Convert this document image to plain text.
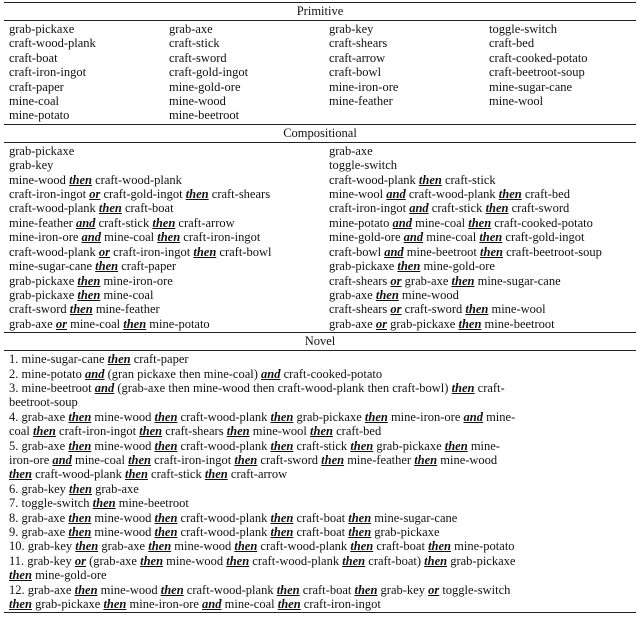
Primitive
grab-pickaxe
craft-wood-plank
craft-boat
craft-iron-ingot
craft-paper
mine-coal
mine-potato
grab-axe
craft-stick
craft-sword
craft-gold-ingot
mine-gold-ore
mine-wood
mine-beetroot
grab-key
craft-shears
craft-arrow
craft-bowl
mine-iron-ore
mine-feather
toggle-switch
craft-bed
craft-cooked-potato
craft-beetroot-soup
mine-sugar-cane
mine-wool
Compositional
grab-pickaxe
grab-key
mine-wood then craft-wood-plank
craft-iron-ingot or craft-gold-ingot then craft-shears
craft-wood-plank then craft-boat
mine-feather and craft-stick then craft-arrow
mine-iron-ore and mine-coal then craft-iron-ingot
craft-wood-plank or craft-iron-ingot then craft-bowl
mine-sugar-cane then craft-paper
grab-pickaxe then mine-iron-ore
grab-pickaxe then mine-coal
craft-sword then mine-feather
grab-axe or mine-coal then mine-potato
grab-axe
toggle-switch
craft-wood-plank then craft-stick
mine-wool and craft-wood-plank then craft-bed
craft-iron-ingot and craft-stick then craft-sword
mine-potato and mine-coal then craft-cooked-potato
mine-gold-ore and mine-coal then craft-gold-ingot
craft-bowl and mine-beetroot then craft-beetroot-soup
grab-pickaxe then mine-gold-ore
craft-shears or grab-axe then mine-sugar-cane
grab-axe then mine-wood
craft-shears or craft-sword then mine-wool
grab-axe or grab-pickaxe then mine-beetroot
Novel
1. mine-sugar-cane then craft-paper
2. mine-potato and (gran pickaxe then mine-coal) and craft-cooked-potato
3. mine-beetroot and (grab-axe then mine-wood then craft-wood-plank then craft-bowl) then craft-
beetroot-soup
4. grab-axe then mine-wood then craft-wood-plank then grab-pickaxe then mine-iron-ore and mine-
coal then craft-iron-ingot then craft-shears then mine-wool then craft-bed
5. grab-axe then mine-wood then craft-wood-plank then craft-stick then grab-pickaxe then mine-
iron-ore and mine-coal then craft-iron-ingot then craft-sword then mine-feather then mine-wood
then craft-wood-plank then craft-stick then craft-arrow
6. grab-key then grab-axe
7. toggle-switch then mine-beetroot
8. grab-axe then mine-wood then craft-wood-plank then craft-boat then mine-sugar-cane
9. grab-axe then mine-wood then craft-wood-plank then craft-boat then grab-pickaxe
10. grab-key then grab-axe then mine-wood then craft-wood-plank then craft-boat then mine-potato
11. grab-key or (grab-axe then mine-wood then craft-wood-plank then craft-boat) then grab-pickaxe
then mine-gold-ore
12. grab-axe then mine-wood then craft-wood-plank then craft-boat then grab-key or toggle-switch
then grab-pickaxe then mine-iron-ore and mine-coal then craft-iron-ingot
